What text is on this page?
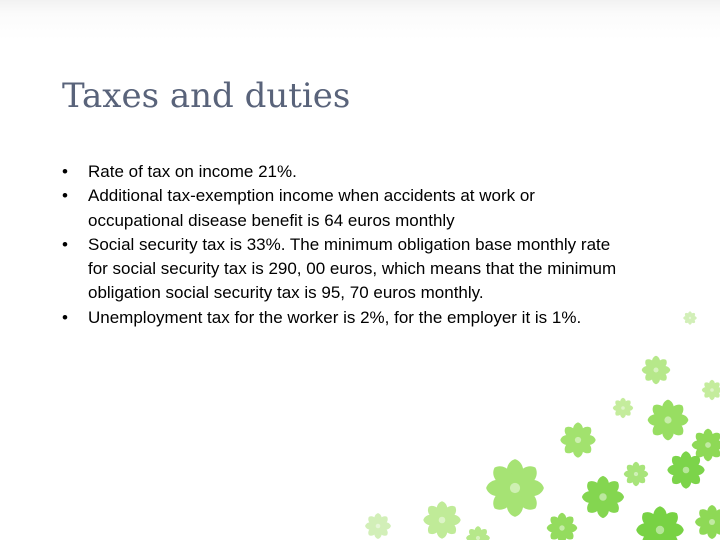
Taxes and duties
• Rate of tax on income 21%.
• Additional tax-exemption income when accidents at work or occupational disease benefit is 64 euros monthly
• Social security tax is 33%. The minimum obligation base monthly rate for social security tax is 290, 00 euros, which means that the minimum obligation social security tax is 95, 70 euros monthly.
• Unemployment tax for the worker is 2%, for the employer it is 1%.
